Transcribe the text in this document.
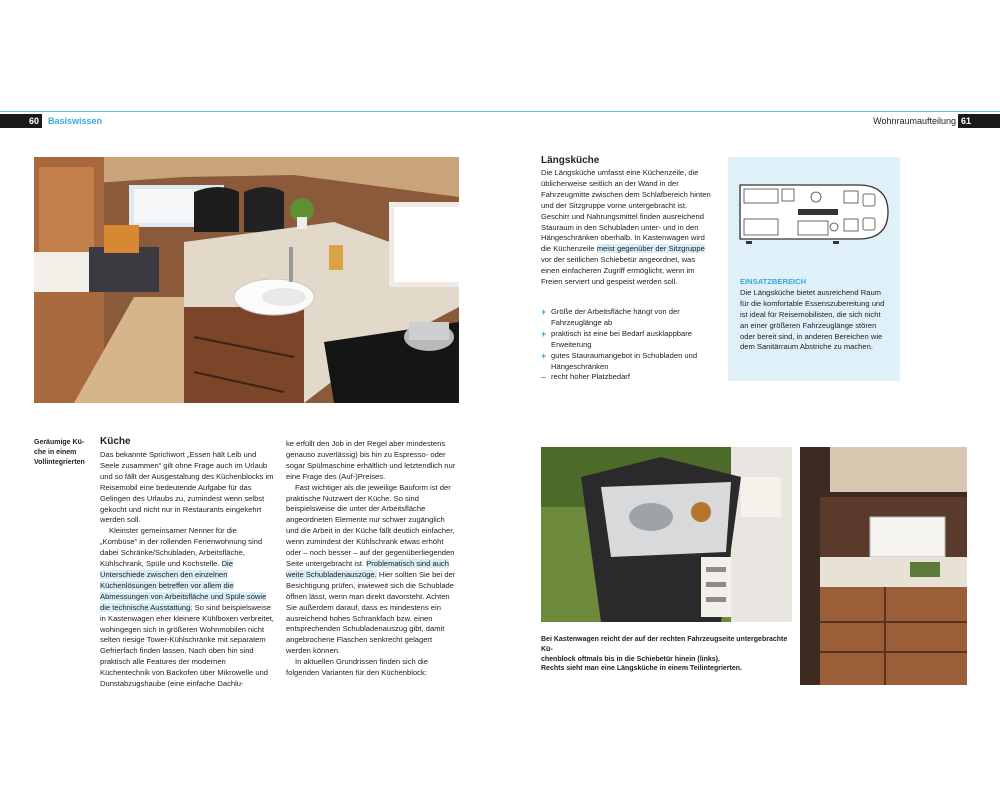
60	Basiswissen	Wohnraumaufteilung 61
Geräumige Kü-
che in einem
Vollintegrierten
Küche

Das bekannte Sprichwort „Essen hält Leib und Seele zusammen“ gilt ohne Frage auch im Urlaub und so fällt der Ausgestaltung des Küchenblocks im Reisemobil eine bedeutende Aufgabe für das Gelingen des Urlaubs zu, zumindest wenn selbst gekocht und nicht nur in Restaurants eingekehrt werden soll.

Kleinster gemeinsamer Nenner für die „Kombüse“ in der rollenden Ferienwohnung sind dabei Schränke/Schubladen, Arbeitsfläche, Kühlschrank, Spüle und Kochstelle. Die Unterschiede zwischen den einzelnen Küchenlösungen betreffen vor allem die Abmessungen von Arbeitsfläche und Spüle sowie die technische Ausstattung. So sind beispielsweise in Kastenwagen eher kleinere Kühlboxen verbreitet, wohingegen sich in größeren Wohnmobilen nicht selten riesige Tower-Kühlschränke mit separatem Gefrierfach finden lassen. Nach oben hin sind praktisch alle Features der modernen Küchentechnik von Backofen über Mikrowelle und Dunstabzugshaube (eine einfache Dachlu-

ke erfüllt den Job in der Regel aber mindestens genauso zuverlässig) bis hin zu Espresso- oder sogar Spülmaschine erhältlich und letztendlich nur eine Frage des (Auf-)Preises.

Fast wichtiger als die jeweilige Bauform ist der praktische Nutzwert der Küche. So sind beispielsweise die unter der Arbeitsfläche angeordneten Elemente nur schwer zugänglich und die Arbeit in der Küche fällt deutlich einfacher, wenn zumindest der Kühlschrank etwas erhöht oder – noch besser – auf der gegenüberliegenden Seite untergebracht ist. Problematisch sind auch weite Schubladenauszüge. Hier sollten Sie bei der Besichtigung prüfen, inwieweit sich die Schublade öffnen lässt, wenn man direkt davorsteht. Achten Sie außerdem darauf, dass es mindestens ein ausreichend hohes Schrankfach bzw. einen entsprechenden Schubladenauszug gibt, damit angebrochene Flaschen senkrecht gelagert werden können.

In aktuellen Grundrissen finden sich die folgenden Varianten für den Küchenblock:

Längsküche

Die Längsküche umfasst eine Küchenzeile, die üblicherweise seitlich an der Wand in der Fahrzeugmitte zwischen dem Schlafbereich hinten und der Sitzgruppe vorne untergebracht ist. Geschirr und Nahrungsmittel finden ausreichend Stauraum in den Schubladen unter- und in den Hängeschränken oberhalb. In Kastenwagen wird die Küchenzeile meist gegenüber der Sitzgruppe vor der seitlichen Schiebetür angeordnet, was einen einfacheren Zugriff ermöglicht, wenn im Freien serviert und gespeist werden soll.

+ Größe der Arbeitsfläche hängt von der Fahrzeuglänge ab
+ praktisch ist eine bei Bedarf ausklappbare Erweiterung
+ gutes Stauraumangebot in Schubladen und Hängeschränken
– recht hoher Platzbedarf
EINSATZBEREICH

Die Längsküche bietet ausreichend Raum für die komfortable Essenszubereitung und ist ideal für Reisemobilisten, die sich nicht an einer größeren Fahrzeuglänge stören oder bereit sind, in anderen Bereichen wie dem Sanitärraum Abstriche zu machen.

Bei Kastenwagen reicht der auf der rechten Fahrzeugseite untergebrachte Kü-
chenblock oftmals bis in die Schiebetür hinein (links).
Rechts sieht man eine Längsküche in einem Teilintegrierten.
